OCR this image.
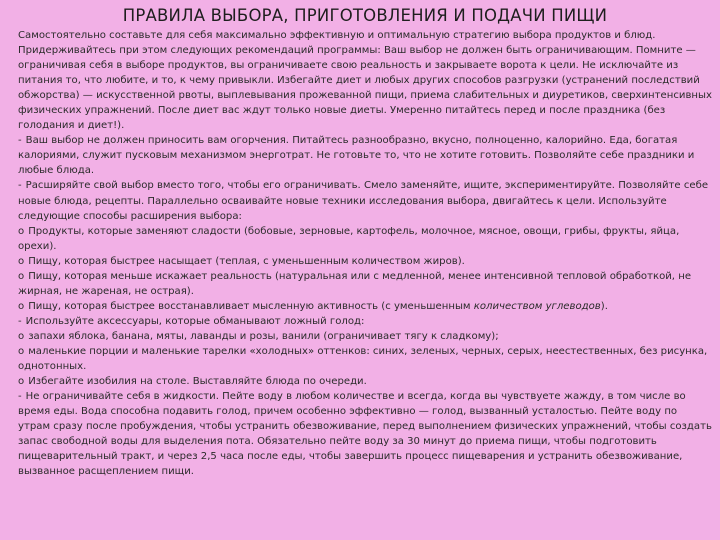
ПРАВИЛА ВЫБОРА, ПРИГОТОВЛЕНИЯ И ПОДАЧИ ПИЩИ

Самостоятельно составьте для себя максимально эффективную и оптимальную стратегию выбора продуктов и блюд. Придерживайтесь при этом следующих рекомендаций программы: Ваш выбор не должен быть ограничивающим. Помните — ограничивая себя в выборе продуктов, вы ограничиваете свою реальность и закрываете ворота к цели. Не исключайте из питания то, что любите, и то, к чему привыкли. Избегайте диет и любых других способов разгрузки (устранений последствий обжорства) — искусственной рвоты, выплевывания прожеванной пищи, приема слабительных и диуретиков, сверхинтенсивных физических упражнений. После диет вас ждут только новые диеты. Умеренно питайтесь перед и после праздника (без голодания и диет!).

- Ваш выбор не должен приносить вам огорчения. Питайтесь разнообразно, вкусно, полноценно, калорийно. Еда, богатая калориями, служит пусковым механизмом энерготрат. Не готовьте то, что не хотите готовить. Позволяйте себе праздники и любые блюда.

- Расширяйте свой выбор вместо того, чтобы его ограничивать. Смело заменяйте, ищите, экспериментируйте. Позволяйте себе новые блюда, рецепты. Параллельно осваивайте новые техники исследования выбора, двигайтесь к цели. Используйте следующие способы расширения выбора:

o Продукты, которые заменяют сладости (бобовые, зерновые, картофель, молочное, мясное, овощи, грибы, фрукты, яйца, орехи).

o Пищу, которая быстрее насыщает (теплая, с уменьшенным количеством жиров).

o Пищу, которая меньше искажает реальность (натуральная или с медленной, менее интенсивной тепловой обработкой, не жирная, не жареная, не острая).

o Пищу, которая быстрее восстанавливает мысленную активность (с уменьшенным количеством углеводов).

- Используйте аксессуары, которые обманывают ложный голод:

o запахи яблока, банана, мяты, лаванды и розы, ванили (ограничивает тягу к сладкому);

o маленькие порции и маленькие тарелки «холодных» оттенков: синих, зеленых, черных, серых, неестественных, без рисунка, однотонных.

o Избегайте изобилия на столе. Выставляйте блюда по очереди.

- Не ограничивайте себя в жидкости. Пейте воду в любом количестве и всегда, когда вы чувствуете жажду, в том числе во время еды. Вода способна подавить голод, причем особенно эффективно — голод, вызванный усталостью. Пейте воду по утрам сразу после пробуждения, чтобы устранить обезвоживание, перед выполнением физических упражнений, чтобы создать запас свободной воды для выделения пота. Обязательно пейте воду за 30 минут до приема пищи, чтобы подготовить пищеварительный тракт, и через 2,5 часа после еды, чтобы завершить процесс пищеварения и устранить обезвоживание, вызванное расщеплением пищи.
